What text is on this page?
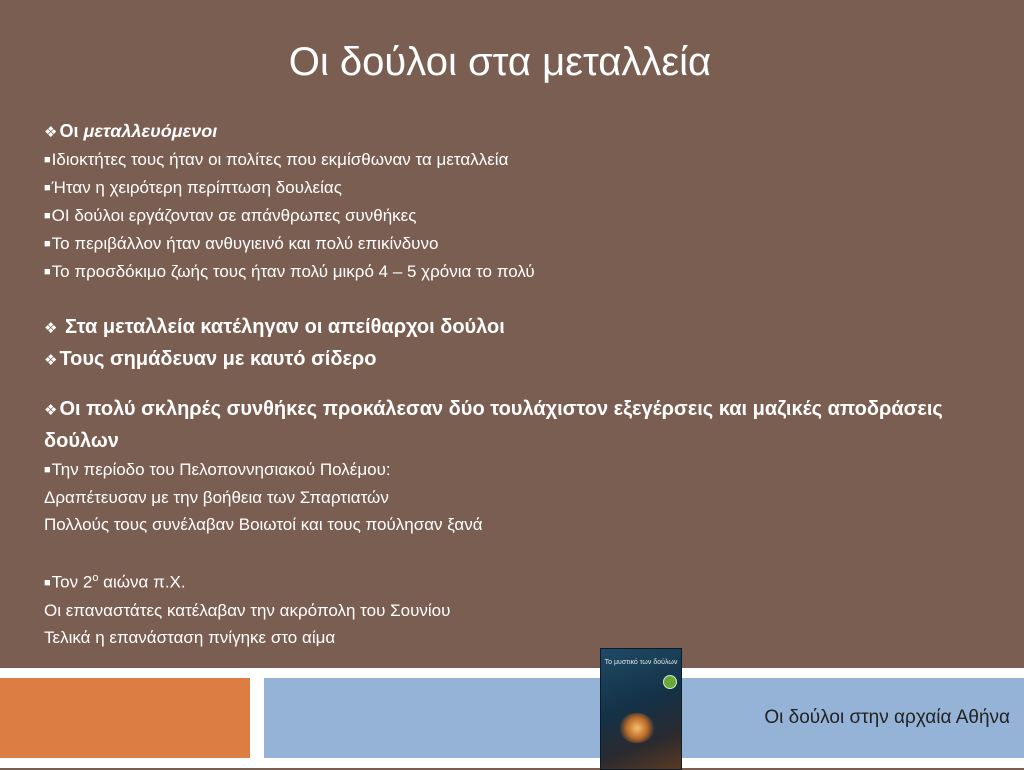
Οι δούλοι στα μεταλλεία
❖ Οι μεταλλευόμενοι
■Ιδιοκτήτες τους ήταν οι πολίτες που εκμίσθωναν τα μεταλλεία
■Ήταν η χειρότερη περίπτωση δουλείας
■ΟΙ δούλοι εργάζονταν σε απάνθρωπες συνθήκες
■Το περιβάλλον ήταν ανθυγιεινό και πολύ επικίνδυνο
■Το προσδόκιμο ζωής τους ήταν πολύ μικρό 4 – 5 χρόνια το πολύ
❖ Στα μεταλλεία κατέληγαν οι απείθαρχοι δούλοι
❖ Τους σημάδευαν με καυτό σίδερο
❖ Οι πολύ σκληρές συνθήκες προκάλεσαν δύο τουλάχιστον εξεγέρσεις και μαζικές αποδράσεις δούλων
■Την περίοδο του Πελοποννησιακού Πολέμου:
Δραπέτευσαν με την βοήθεια των Σπαρτιατών
Πολλούς τους συνέλαβαν Βοιωτοί και τους πούλησαν ξανά
■Τον $2^o$ αιώνα π.Χ.
Οι επαναστάτες κατέλαβαν την ακρόπολη του Σουνίου
Τελικά η επανάσταση πνίγηκε στο αίμα
Οι δούλοι στην αρχαία Αθήνα
Το μυστικό των δούλων
